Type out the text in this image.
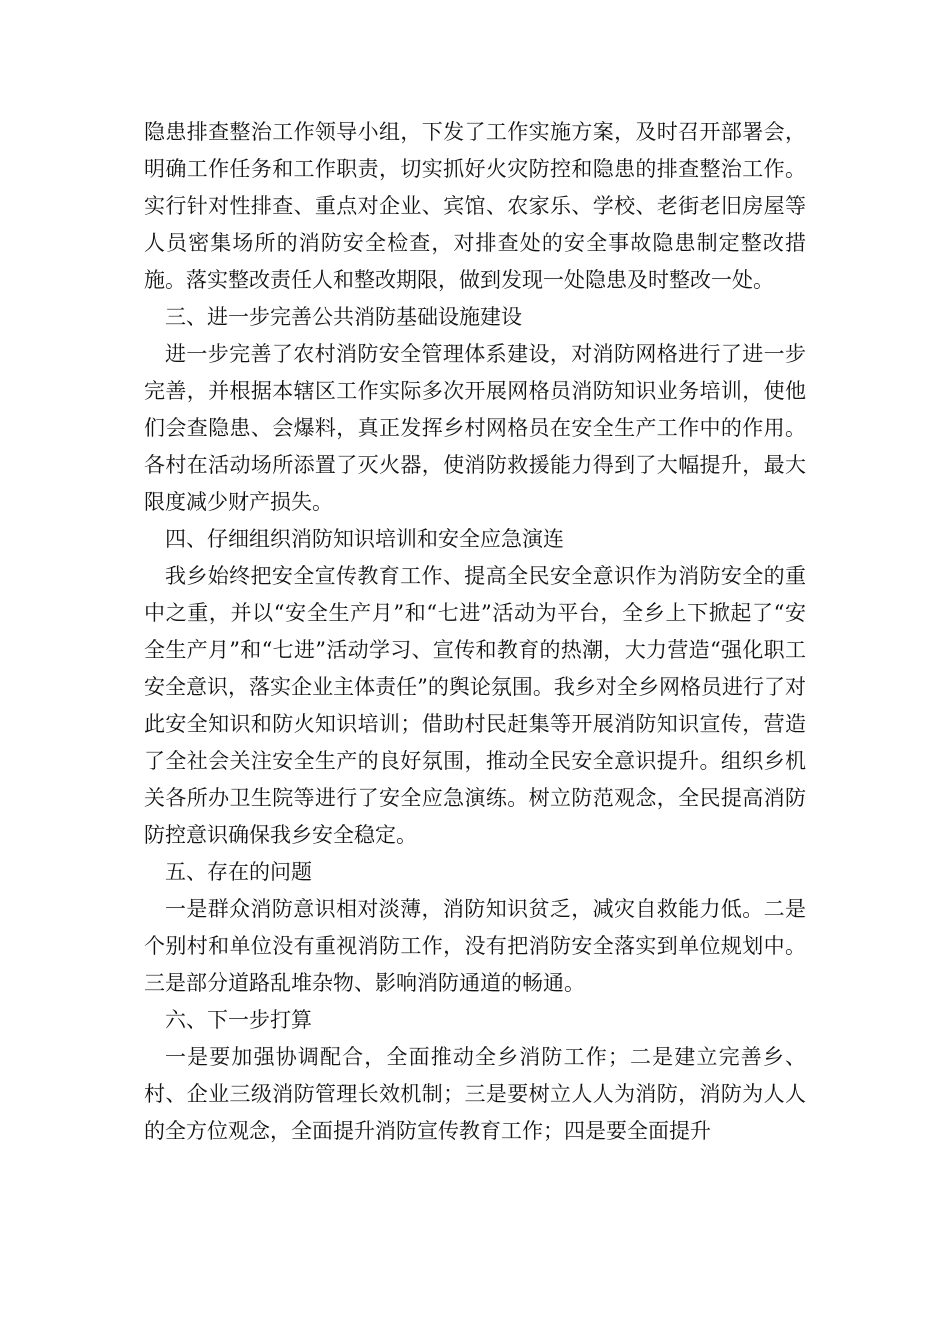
隐患排查整治工作领导小组，下发了工作实施方案，及时召开部署会，明确工作任务和工作职责，切实抓好火灾防控和隐患的排查整治工作。实行针对性排查、重点对企业、宾馆、农家乐、学校、老街老旧房屋等人员密集场所的消防安全检查，对排查处的安全事故隐患制定整改措施。落实整改责任人和整改期限，做到发现一处隐患及时整改一处。

三、进一步完善公共消防基础设施建设

进一步完善了农村消防安全管理体系建设，对消防网格进行了进一步完善，并根据本辖区工作实际多次开展网格员消防知识业务培训，使他们会查隐患、会爆料，真正发挥乡村网格员在安全生产工作中的作用。各村在活动场所添置了灭火器，使消防救援能力得到了大幅提升，最大限度减少财产损失。

四、仔细组织消防知识培训和安全应急演连

我乡始终把安全宣传教育工作、提高全民安全意识作为消防安全的重中之重，并以“安全生产月”和“七进”活动为平台，全乡上下掀起了“安全生产月”和“七进”活动学习、宣传和教育的热潮，大力营造“强化职工安全意识，落实企业主体责任”的舆论氛围。我乡对全乡网格员进行了对此安全知识和防火知识培训；借助村民赶集等开展消防知识宣传，营造了全社会关注安全生产的良好氛围，推动全民安全意识提升。组织乡机关各所办卫生院等进行了安全应急演练。树立防范观念，全民提高消防防控意识确保我乡安全稳定。

五、存在的问题

一是群众消防意识相对淡薄，消防知识贫乏，减灾自救能力低。二是个别村和单位没有重视消防工作，没有把消防安全落实到单位规划中。三是部分道路乱堆杂物、影响消防通道的畅通。

六、下一步打算

一是要加强协调配合，全面推动全乡消防工作；二是建立完善乡、村、企业三级消防管理长效机制；三是要树立人人为消防，消防为人人的全方位观念，全面提升消防宣传教育工作；四是要全面提升
